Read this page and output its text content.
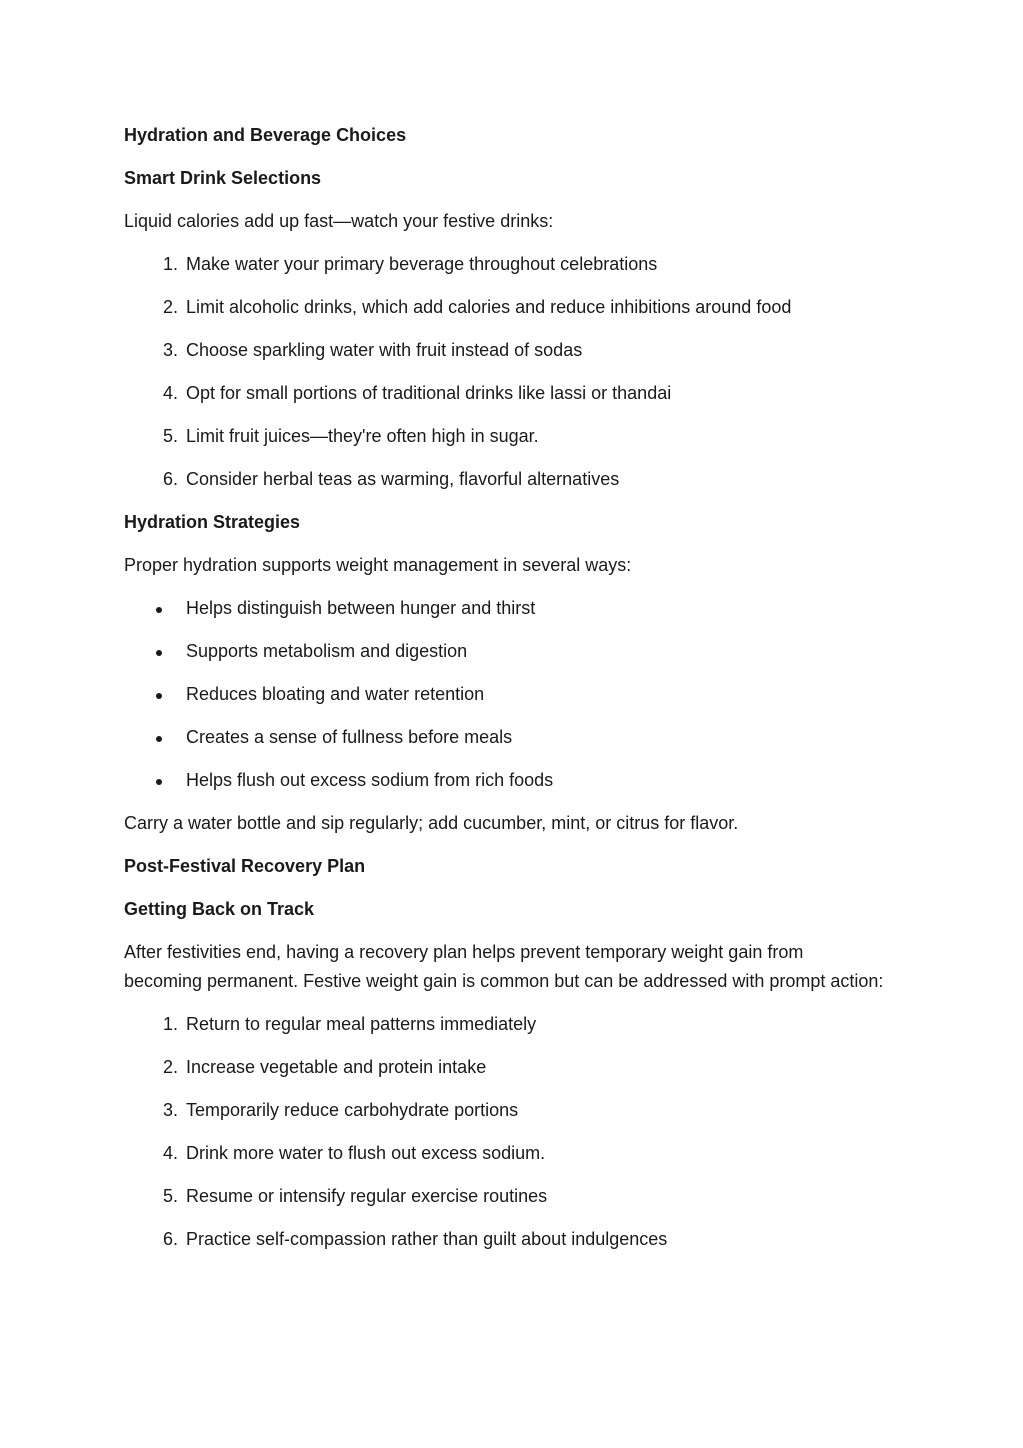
Hydration and Beverage Choices

Smart Drink Selections

Liquid calories add up fast—watch your festive drinks:

1. Make water your primary beverage throughout celebrations
2. Limit alcoholic drinks, which add calories and reduce inhibitions around food
3. Choose sparkling water with fruit instead of sodas
4. Opt for small portions of traditional drinks like lassi or thandai
5. Limit fruit juices—they're often high in sugar.
6. Consider herbal teas as warming, flavorful alternatives

Hydration Strategies

Proper hydration supports weight management in several ways:

Helps distinguish between hunger and thirst
Supports metabolism and digestion
Reduces bloating and water retention
Creates a sense of fullness before meals
Helps flush out excess sodium from rich foods

Carry a water bottle and sip regularly; add cucumber, mint, or citrus for flavor.

Post-Festival Recovery Plan

Getting Back on Track

After festivities end, having a recovery plan helps prevent temporary weight gain from becoming permanent. Festive weight gain is common but can be addressed with prompt action:

1. Return to regular meal patterns immediately
2. Increase vegetable and protein intake
3. Temporarily reduce carbohydrate portions
4. Drink more water to flush out excess sodium.
5. Resume or intensify regular exercise routines
6. Practice self-compassion rather than guilt about indulgences
